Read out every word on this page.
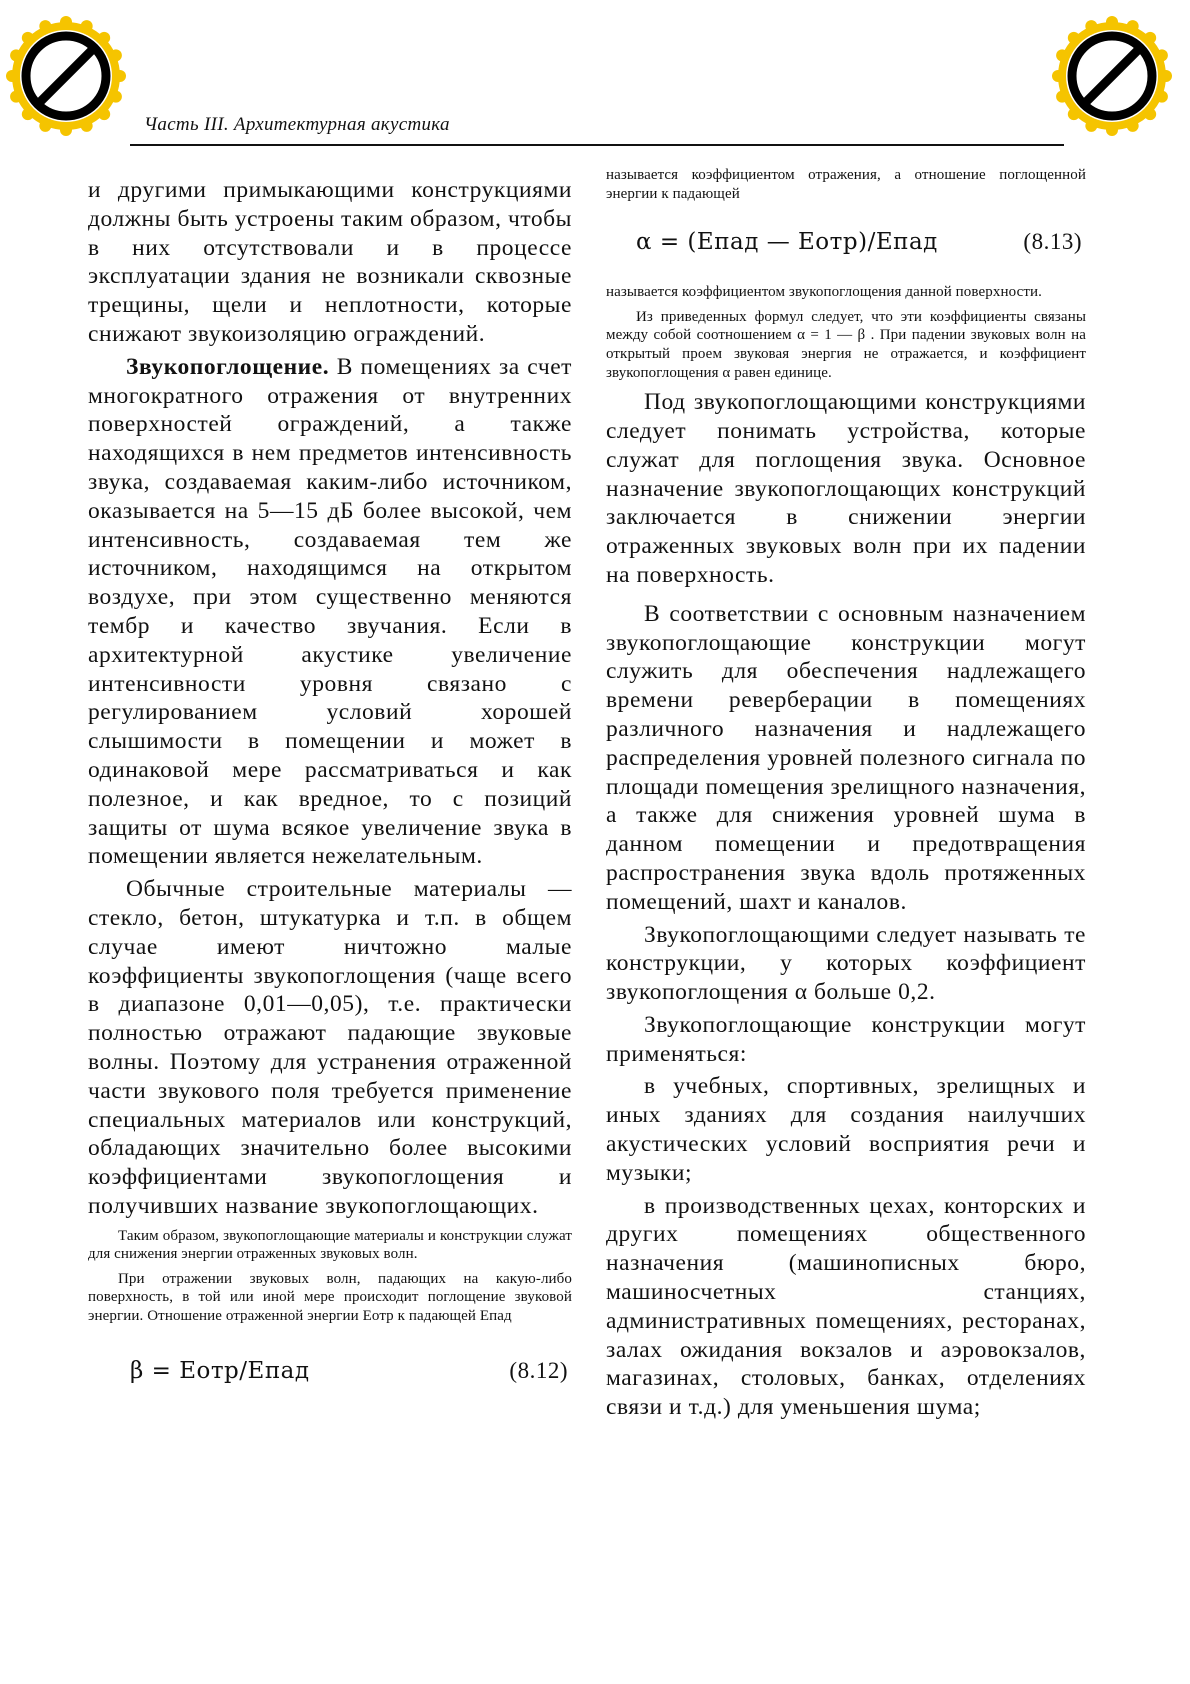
Часть III. Архитектурная акустика

и другими примыкающими конструкциями должны быть устроены таким образом, чтобы в них отсутствовали и в процессе эксплуатации здания не возникали сквозные трещины, щели и неплотности, которые снижают звукоизоляцию ограждений.

Звукопоглощение. В помещениях за счет многократного отражения от внутренних поверхностей ограждений, а также находящихся в нем предметов интенсивность звука, создаваемая каким-либо источником, оказывается на 5—15 дБ более высокой, чем интенсивность, создаваемая тем же источником, находящимся на открытом воздухе, при этом существенно меняются тембр и качество звучания. Если в архитектурной акустике увеличение интенсивности уровня связано с регулированием условий хорошей слышимости в помещении и может в одинаковой мере рассматриваться и как полезное, и как вредное, то с позиций защиты от шума всякое увеличение звука в помещении является нежелательным.

Обычные строительные материалы — стекло, бетон, штукатурка и т.п. в общем случае имеют ничтожно малые коэффициенты звукопоглощения (чаще всего в диапазоне 0,01—0,05), т.е. практически полностью отражают падающие звуковые волны. Поэтому для устранения отраженной части звукового поля требуется применение специальных материалов или конструкций, обладающих значительно более высокими коэффициентами звукопоглощения и получивших название звукопоглощающих.

Таким образом, звукопоглощающие материалы и конструкции служат для снижения энергии отраженных звуковых волн.

При отражении звуковых волн, падающих на какую-либо поверхность, в той или иной мере происходит поглощение звуковой энергии. Отношение отраженной энергии Eотр к падающей Eпад

β = Eотр/Eпад	(8.12)

называется коэффициентом отражения, а отношение поглощенной энергии к падающей

α = (Eпад — Eотр)/Eпад	(8.13)

называется коэффициентом звукопоглощения данной поверхности.

Из приведенных формул следует, что эти коэффициенты связаны между собой соотношением α = 1 — β . При падении звуковых волн на открытый проем звуковая энергия не отражается, и коэффициент звукопоглощения α равен единице.

Под звукопоглощающими конструкциями следует понимать устройства, которые служат для поглощения звука. Основное назначение звукопоглощающих конструкций заключается в снижении энергии отраженных звуковых волн при их падении на поверхность.

В соответствии с основным назначением звукопоглощающие конструкции могут служить для обеспечения надлежащего времени реверберации в помещениях различного назначения и надлежащего распределения уровней полезного сигнала по площади помещения зрелищного назначения, а также для снижения уровней шума в данном помещении и предотвращения распространения звука вдоль протяженных помещений, шахт и каналов.

Звукопоглощающими следует называть те конструкции, у которых коэффициент звукопоглощения α больше 0,2.

Звукопоглощающие конструкции могут применяться:

в учебных, спортивных, зрелищных и иных зданиях для создания наилучших акустических условий восприятия речи и музыки;

в производственных цехах, конторских и других помещениях общественного назначения (машинописных бюро, машиносчетных станциях, административных помещениях, ресторанах, залах ожидания вокзалов и аэровокзалов, магазинах, столовых, банках, отделениях связи и т.д.) для уменьшения шума;
